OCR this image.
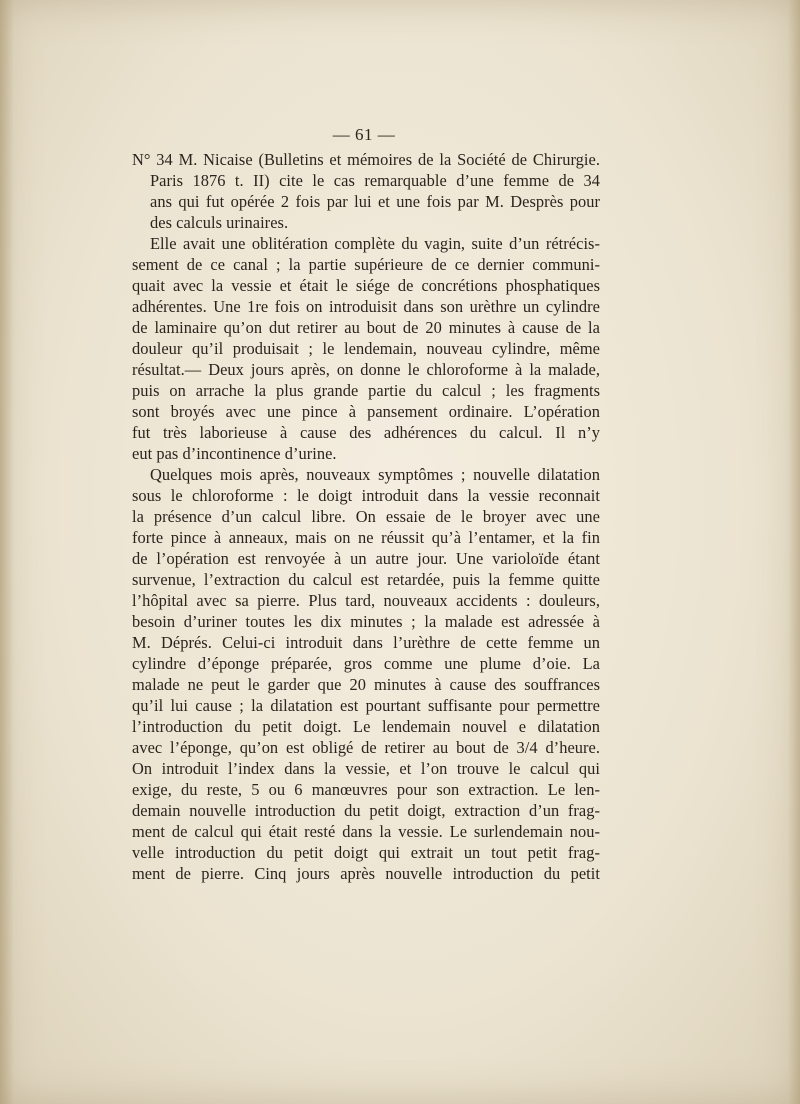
— 61 —
N° 34 M. Nicaise (Bulletins et mémoires de la Société de Chirurgie.
Paris 1876 t. II) cite le cas remarquable d’une femme de 34
ans qui fut opérée 2 fois par lui et une fois par M. Desprès pour
des calculs urinaires.
Elle avait une oblitération complète du vagin, suite d’un rétrécis-
sement de ce canal ; la partie supérieure de ce dernier communi-
quait avec la vessie et était le siége de concrétions phosphatiques
adhérentes. Une 1re fois on introduisit dans son urèthre un cylindre
de laminaire qu’on dut retirer au bout de 20 minutes à cause de la
douleur qu’il produisait ; le lendemain, nouveau cylindre, même
résultat.— Deux jours après, on donne le chloroforme à la malade,
puis on arrache la plus grande partie du calcul ; les fragments
sont broyés avec une pince à pansement ordinaire. L’opération
fut très laborieuse à cause des adhérences du calcul. Il n’y
eut pas d’incontinence d’urine.
Quelques mois après, nouveaux symptômes ; nouvelle dilatation
sous le chloroforme : le doigt introduit dans la vessie reconnait
la présence d’un calcul libre. On essaie de le broyer avec une
forte pince à anneaux, mais on ne réussit qu’à l’entamer, et la fin
de l’opération est renvoyée à un autre jour. Une varioloïde étant
survenue, l’extraction du calcul est retardée, puis la femme quitte
l’hôpital avec sa pierre. Plus tard, nouveaux accidents : douleurs,
besoin d’uriner toutes les dix minutes ; la malade est adressée à
M. Déprés. Celui-ci introduit dans l’urèthre de cette femme un
cylindre d’éponge préparée, gros comme une plume d’oie. La
malade ne peut le garder que 20 minutes à cause des souffrances
qu’il lui cause ; la dilatation est pourtant suffisante pour permettre
l’introduction du petit doigt. Le lendemain nouvel e dilatation
avec l’éponge, qu’on est obligé de retirer au bout de 3/4 d’heure.
On introduit l’index dans la vessie, et l’on trouve le calcul qui
exige, du reste, 5 ou 6 manœuvres pour son extraction. Le len-
demain nouvelle introduction du petit doigt, extraction d’un frag-
ment de calcul qui était resté dans la vessie. Le surlendemain nou-
velle introduction du petit doigt qui extrait un tout petit frag-
ment de pierre. Cinq jours après nouvelle introduction du petit
